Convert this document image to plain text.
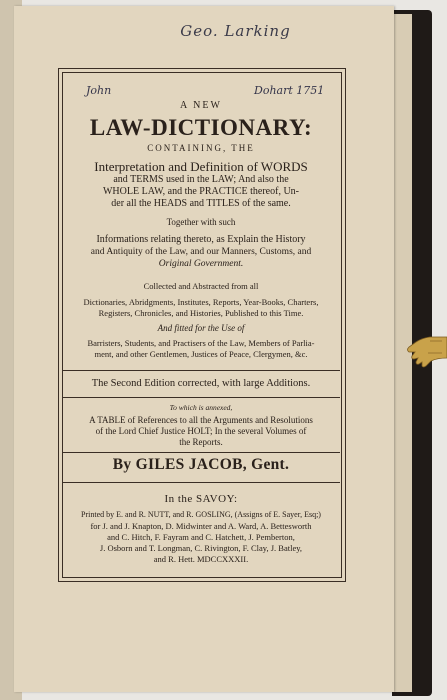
Geo. Larking
John	Dohart 1751
A NEW
LAW-DICTIONARY:
CONTAINING, THE
Interpretation and Definition of WORDS
and TERMS used in the LAW; And also the
WHOLE LAW, and the PRACTICE thereof, Un-
der all the HEADS and TITLES of the same.
Together with such
Informations relating thereto, as Explain the History
and Antiquity of the Law, and our Manners, Customs, and
Original Government.
Collected and Abstracted from all
Dictionaries, Abridgments, Institutes, Reports, Year-Books, Charters,
Registers, Chronicles, and Histories, Published to this Time.
And fitted for the Use of
Barristers, Students, and Practisers of the Law, Members of Parlia-
ment, and other Gentlemen, Justices of Peace, Clergymen, &c.
The Second Edition corrected, with large Additions.
To which is annexed,
A TABLE of References to all the Arguments and Resolutions
of the Lord Chief Justice HOLT; In the several Volumes of
the Reports.
By GILES JACOB, Gent.
In the SAVOY:
Printed by E. and R. NUTT, and R. GOSLING, (Assigns of E. Sayer, Esq;)
for J. and J. Knapton, D. Midwinter and A. Ward, A. Bettesworth
and C. Hitch, F. Fayram and C. Hatchett, J. Pemberton,
J. Osborn and T. Longman, C. Rivington, F. Clay, J. Batley,
and R. Hett. MDCCXXXII.
